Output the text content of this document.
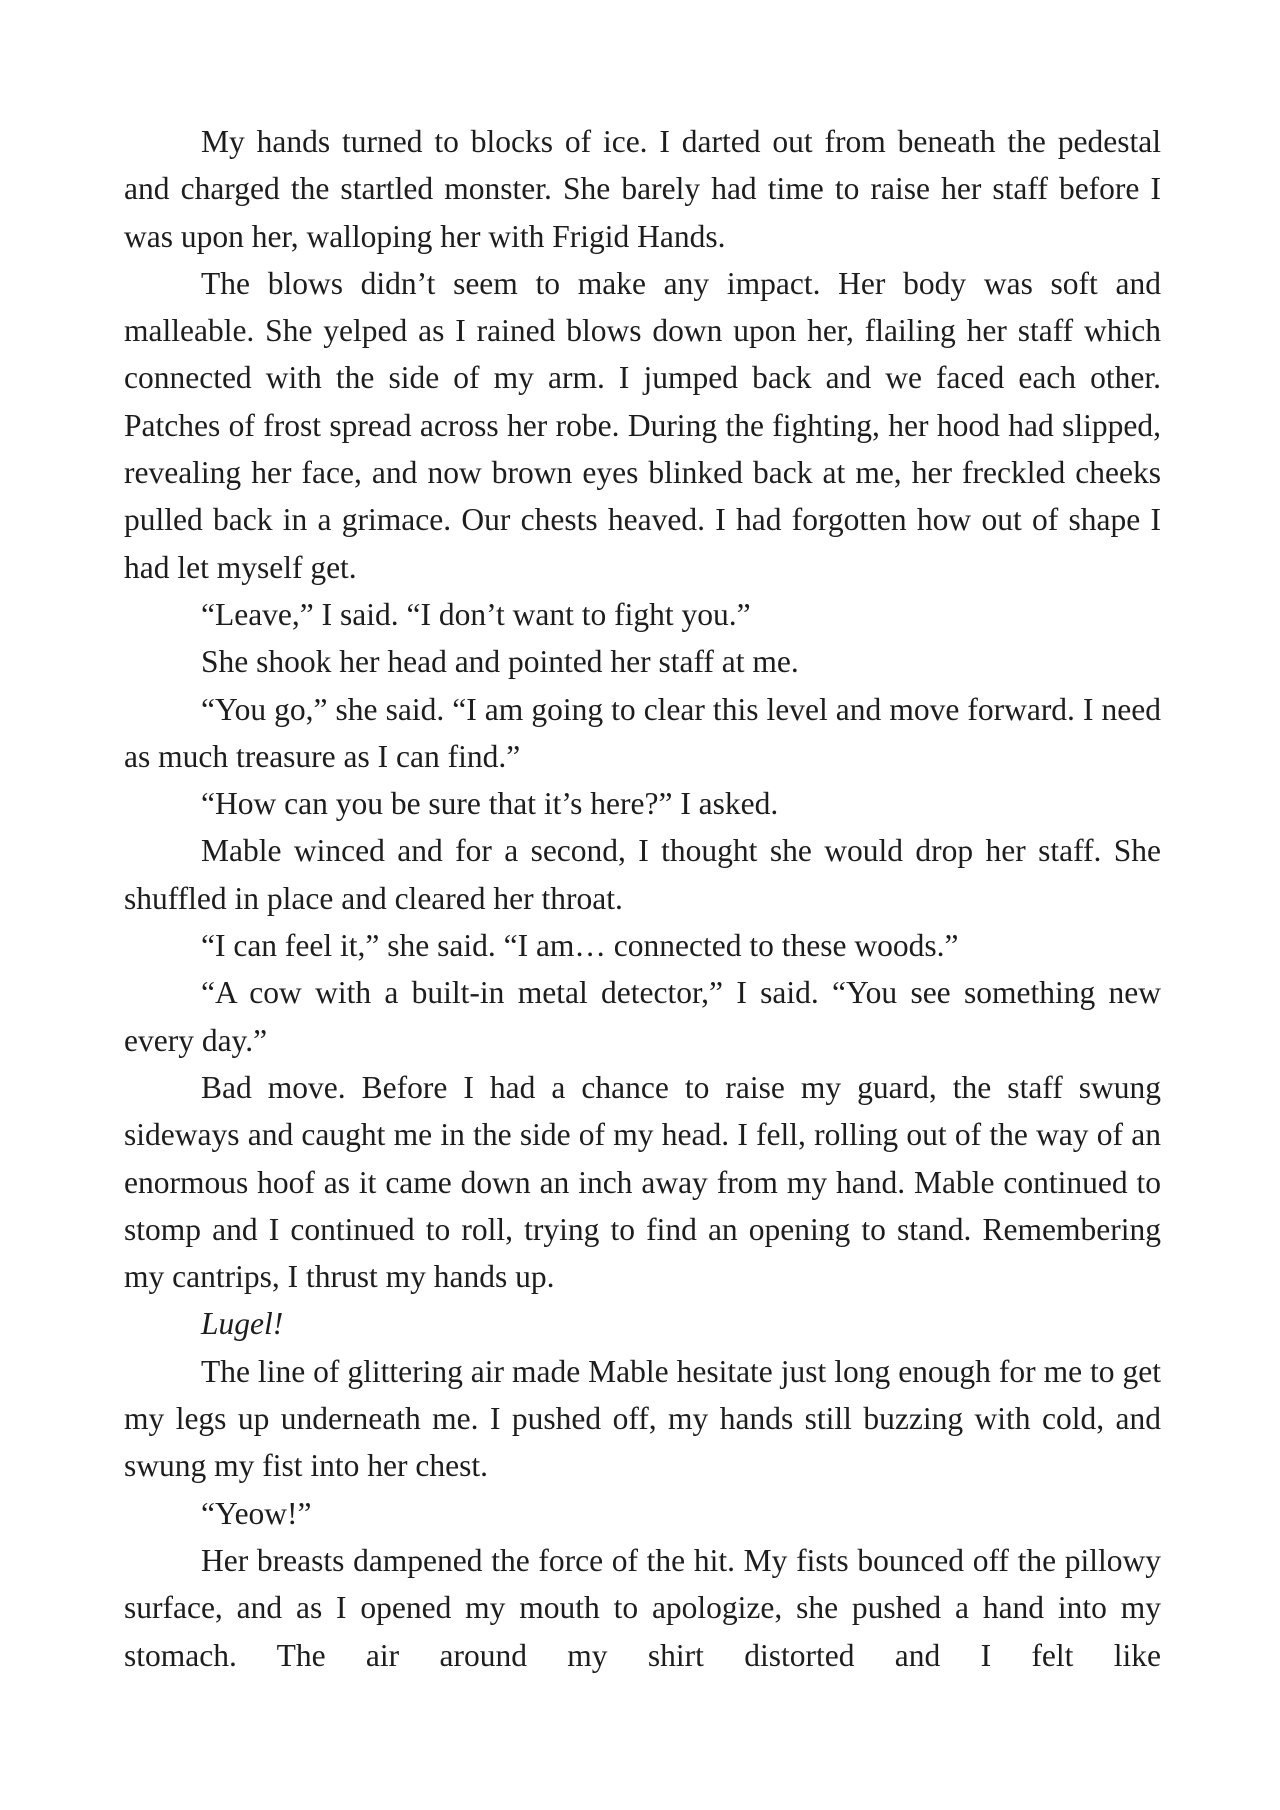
My hands turned to blocks of ice. I darted out from beneath the pedestal and charged the startled monster. She barely had time to raise her staff before I was upon her, walloping her with Frigid Hands.

The blows didn’t seem to make any impact. Her body was soft and malleable. She yelped as I rained blows down upon her, flailing her staff which connected with the side of my arm. I jumped back and we faced each other. Patches of frost spread across her robe. During the fighting, her hood had slipped, revealing her face, and now brown eyes blinked back at me, her freckled cheeks pulled back in a grimace. Our chests heaved. I had forgotten how out of shape I had let myself get.

“Leave,” I said. “I don’t want to fight you.”

She shook her head and pointed her staff at me.

“You go,” she said. “I am going to clear this level and move forward. I need as much treasure as I can find.”

“How can you be sure that it’s here?” I asked.

Mable winced and for a second, I thought she would drop her staff. She shuffled in place and cleared her throat.

“I can feel it,” she said. “I am… connected to these woods.”

“A cow with a built-in metal detector,” I said. “You see something new every day.”

Bad move. Before I had a chance to raise my guard, the staff swung sideways and caught me in the side of my head. I fell, rolling out of the way of an enormous hoof as it came down an inch away from my hand. Mable continued to stomp and I continued to roll, trying to find an opening to stand. Remembering my cantrips, I thrust my hands up.

Lugel!

The line of glittering air made Mable hesitate just long enough for me to get my legs up underneath me. I pushed off, my hands still buzzing with cold, and swung my fist into her chest.

“Yeow!”

Her breasts dampened the force of the hit. My fists bounced off the pillowy surface, and as I opened my mouth to apologize, she pushed a hand into my stomach. The air around my shirt distorted and I felt like
